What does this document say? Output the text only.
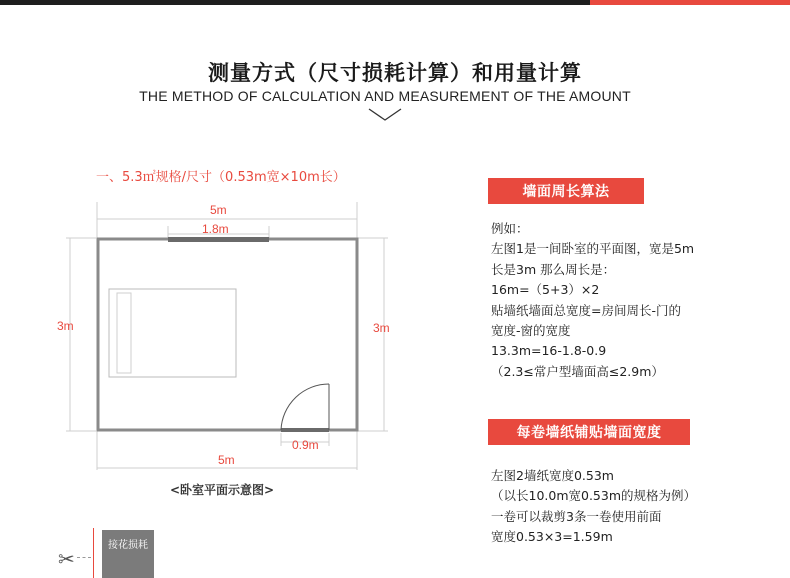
测量方式（尺寸损耗计算）和用量计算
THE METHOD OF CALCULATION AND MEASUREMENT OF THE AMOUNT
一、5.3㎡规格/尺寸（0.53m宽×10m长）
5m
1.8m
3m	3m
0.9m
5m
<卧室平面示意图>
墙面周长算法
例如：
左图1是一间卧室的平面图，宽是5m
长是3m 那么周长是：
16m=（5+3）×2
贴墙纸墙面总宽度=房间周长-门的
宽度-窗的宽度
13.3m=16-1.8-0.9
（2.3≤常户型墙面高≤2.9m）
每卷墙纸铺贴墙面宽度
左图2墙纸宽度0.53m
（以长10.0m宽0.53m的规格为例）
一卷可以裁剪3条一卷使用前面
宽度0.53×3=1.59m
✂
接花损耗
